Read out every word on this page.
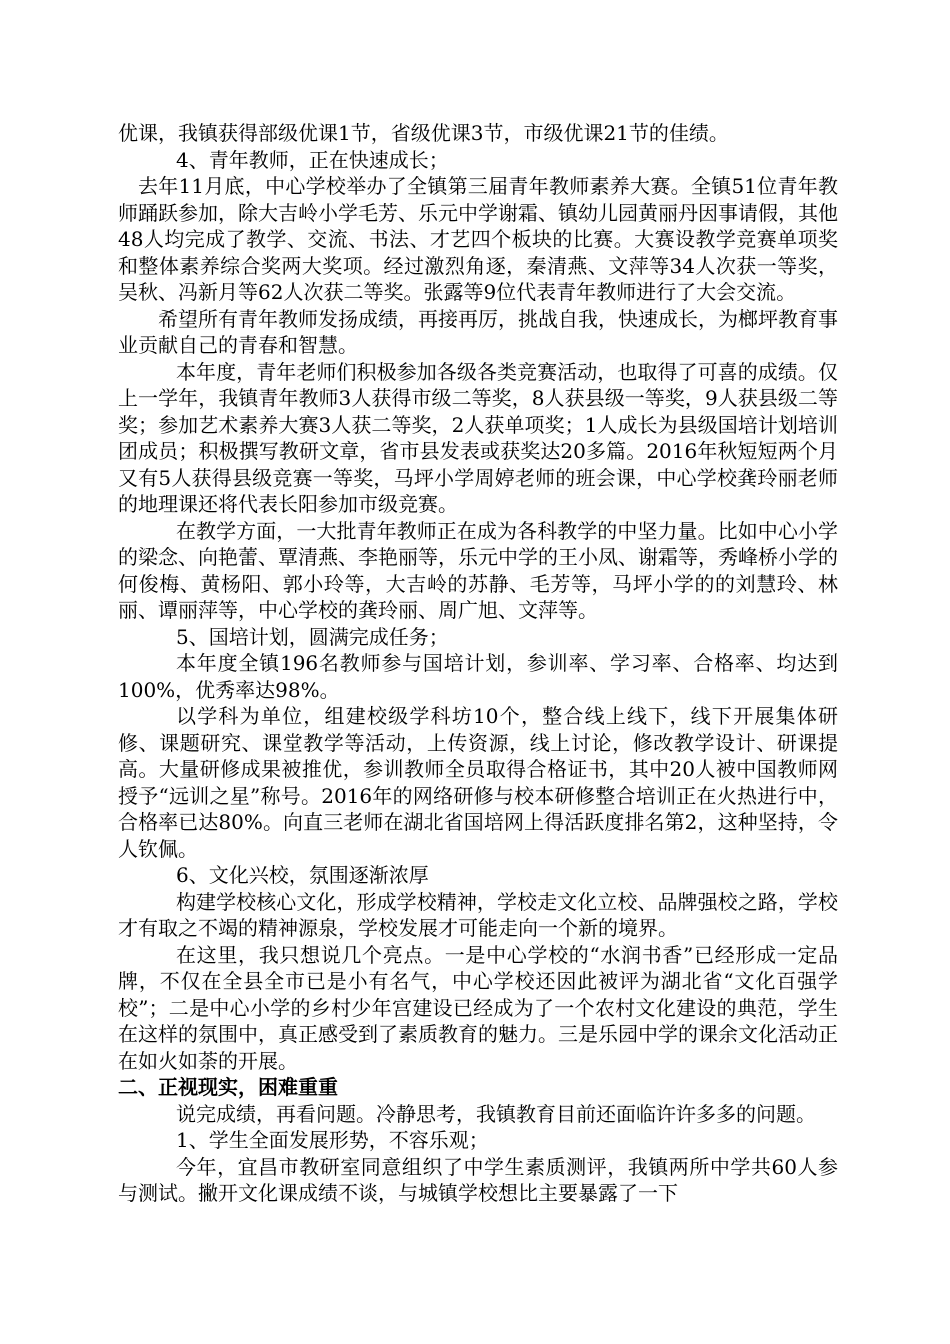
优课，我镇获得部级优课1节，省级优课3节，市级优课21节的佳绩。

4、青年教师，正在快速成长；

去年11月底，中心学校举办了全镇第三届青年教师素养大赛。全镇51位青年教师踊跃参加，除大吉岭小学毛芳、乐元中学谢霜、镇幼儿园黄丽丹因事请假，其他48人均完成了教学、交流、书法、才艺四个板块的比赛。大赛设教学竞赛单项奖和整体素养综合奖两大奖项。经过激烈角逐，秦清燕、文萍等34人次获一等奖，吴秋、冯新月等62人次获二等奖。张露等9位代表青年教师进行了大会交流。

希望所有青年教师发扬成绩，再接再厉，挑战自我，快速成长，为榔坪教育事业贡献自己的青春和智慧。

本年度，青年老师们积极参加各级各类竞赛活动，也取得了可喜的成绩。仅上一学年，我镇青年教师3人获得市级二等奖，8人获县级一等奖，9人获县级二等奖；参加艺术素养大赛3人获二等奖，2人获单项奖；1人成长为县级国培计划培训团成员；积极撰写教研文章，省市县发表或获奖达20多篇。2016年秋短短两个月又有5人获得县级竞赛一等奖，马坪小学周婷老师的班会课，中心学校龚玲丽老师的地理课还将代表长阳参加市级竞赛。

在教学方面，一大批青年教师正在成为各科教学的中坚力量。比如中心小学的梁念、向艳蕾、覃清燕、李艳丽等，乐元中学的王小凤、谢霜等，秀峰桥小学的何俊梅、黄杨阳、郭小玲等，大吉岭的苏静、毛芳等，马坪小学的的刘慧玲、林丽、谭丽萍等，中心学校的龚玲丽、周广旭、文萍等。

5、国培计划，圆满完成任务；

本年度全镇196名教师参与国培计划，参训率、学习率、合格率、均达到100%，优秀率达98%。

以学科为单位，组建校级学科坊10个，整合线上线下，线下开展集体研修、课题研究、课堂教学等活动，上传资源，线上讨论，修改教学设计、研课提高。大量研修成果被推优，参训教师全员取得合格证书，其中20人被中国教师网授予“远训之星”称号。2016年的网络研修与校本研修整合培训正在火热进行中，合格率已达80%。向直三老师在湖北省国培网上得活跃度排名第2，这种坚持，令人钦佩。

6、文化兴校，氛围逐渐浓厚

构建学校核心文化，形成学校精神，学校走文化立校、品牌强校之路，学校才有取之不竭的精神源泉，学校发展才可能走向一个新的境界。

在这里，我只想说几个亮点。一是中心学校的“水润书香”已经形成一定品牌，不仅在全县全市已是小有名气，中心学校还因此被评为湖北省“文化百强学校”；二是中心小学的乡村少年宫建设已经成为了一个农村文化建设的典范，学生在这样的氛围中，真正感受到了素质教育的魅力。三是乐园中学的课余文化活动正在如火如荼的开展。

二、正视现实，困难重重

说完成绩，再看问题。冷静思考，我镇教育目前还面临许许多多的问题。

1、学生全面发展形势，不容乐观；

今年，宜昌市教研室同意组织了中学生素质测评，我镇两所中学共60人参与测试。撇开文化课成绩不谈，与城镇学校想比主要暴露了一下
